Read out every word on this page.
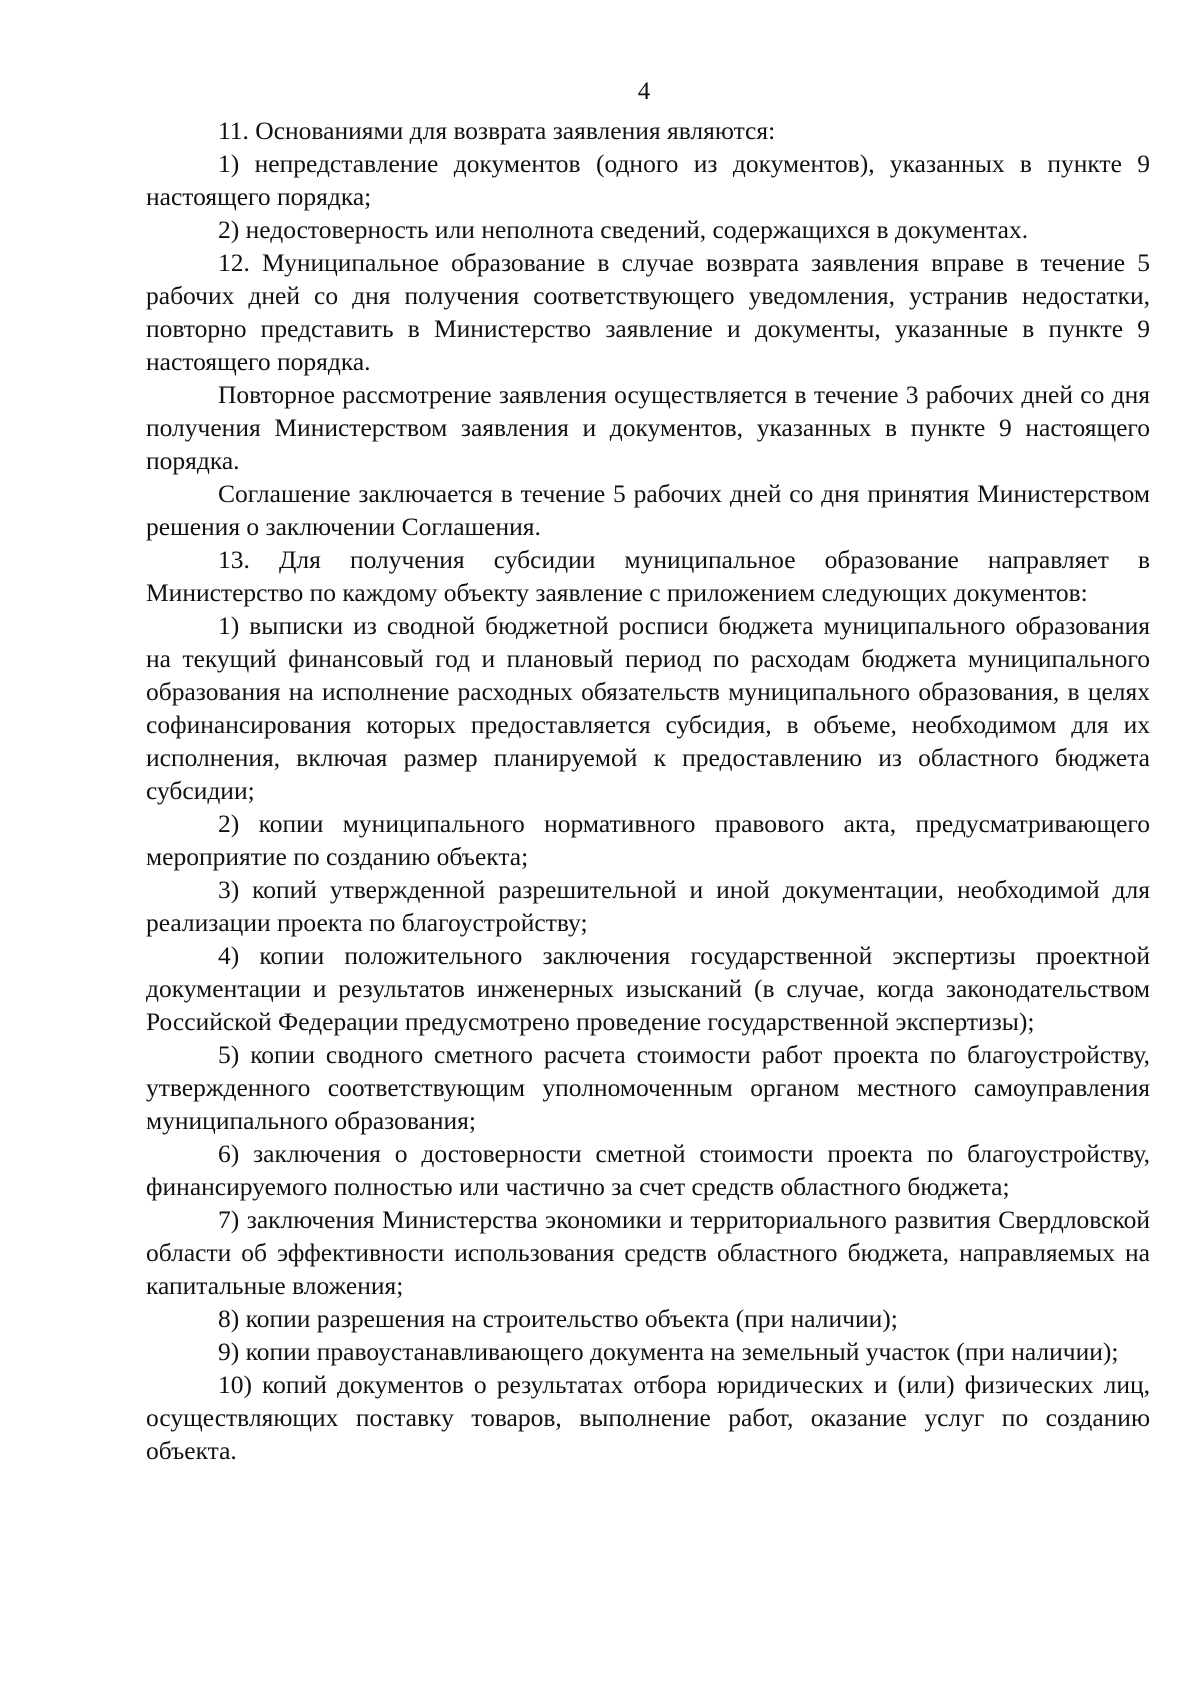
4

11. Основаниями для возврата заявления являются:

1) непредставление документов (одного из документов), указанных в пункте 9 настоящего порядка;

2) недостоверность или неполнота сведений, содержащихся в документах.

12. Муниципальное образование в случае возврата заявления вправе в течение 5 рабочих дней со дня получения соответствующего уведомления, устранив недостатки, повторно представить в Министерство заявление и документы, указанные в пункте 9 настоящего порядка.

Повторное рассмотрение заявления осуществляется в течение 3 рабочих дней со дня получения Министерством заявления и документов, указанных в пункте 9 настоящего порядка.

Соглашение заключается в течение 5 рабочих дней со дня принятия Министерством решения о заключении Соглашения.

13. Для получения субсидии муниципальное образование направляет в Министерство по каждому объекту заявление с приложением следующих документов:

1) выписки из сводной бюджетной росписи бюджета муниципального образования на текущий финансовый год и плановый период по расходам бюджета муниципального образования на исполнение расходных обязательств муниципального образования, в целях софинансирования которых предоставляется субсидия, в объеме, необходимом для их исполнения, включая размер планируемой к предоставлению из областного бюджета субсидии;

2) копии муниципального нормативного правового акта, предусматривающего мероприятие по созданию объекта;

3) копий утвержденной разрешительной и иной документации, необходимой для реализации проекта по благоустройству;

4) копии положительного заключения государственной экспертизы проектной документации и результатов инженерных изысканий (в случае, когда законодательством Российской Федерации предусмотрено проведение государственной экспертизы);

5) копии сводного сметного расчета стоимости работ проекта по благоустройству, утвержденного соответствующим уполномоченным органом местного самоуправления муниципального образования;

6) заключения о достоверности сметной стоимости проекта по благоустройству, финансируемого полностью или частично за счет средств областного бюджета;

7) заключения Министерства экономики и территориального развития Свердловской области об эффективности использования средств областного бюджета, направляемых на капитальные вложения;

8) копии разрешения на строительство объекта (при наличии);

9) копии правоустанавливающего документа на земельный участок (при наличии);

10) копий документов о результатах отбора юридических и (или) физических лиц, осуществляющих поставку товаров, выполнение работ, оказание услуг по созданию объекта.
